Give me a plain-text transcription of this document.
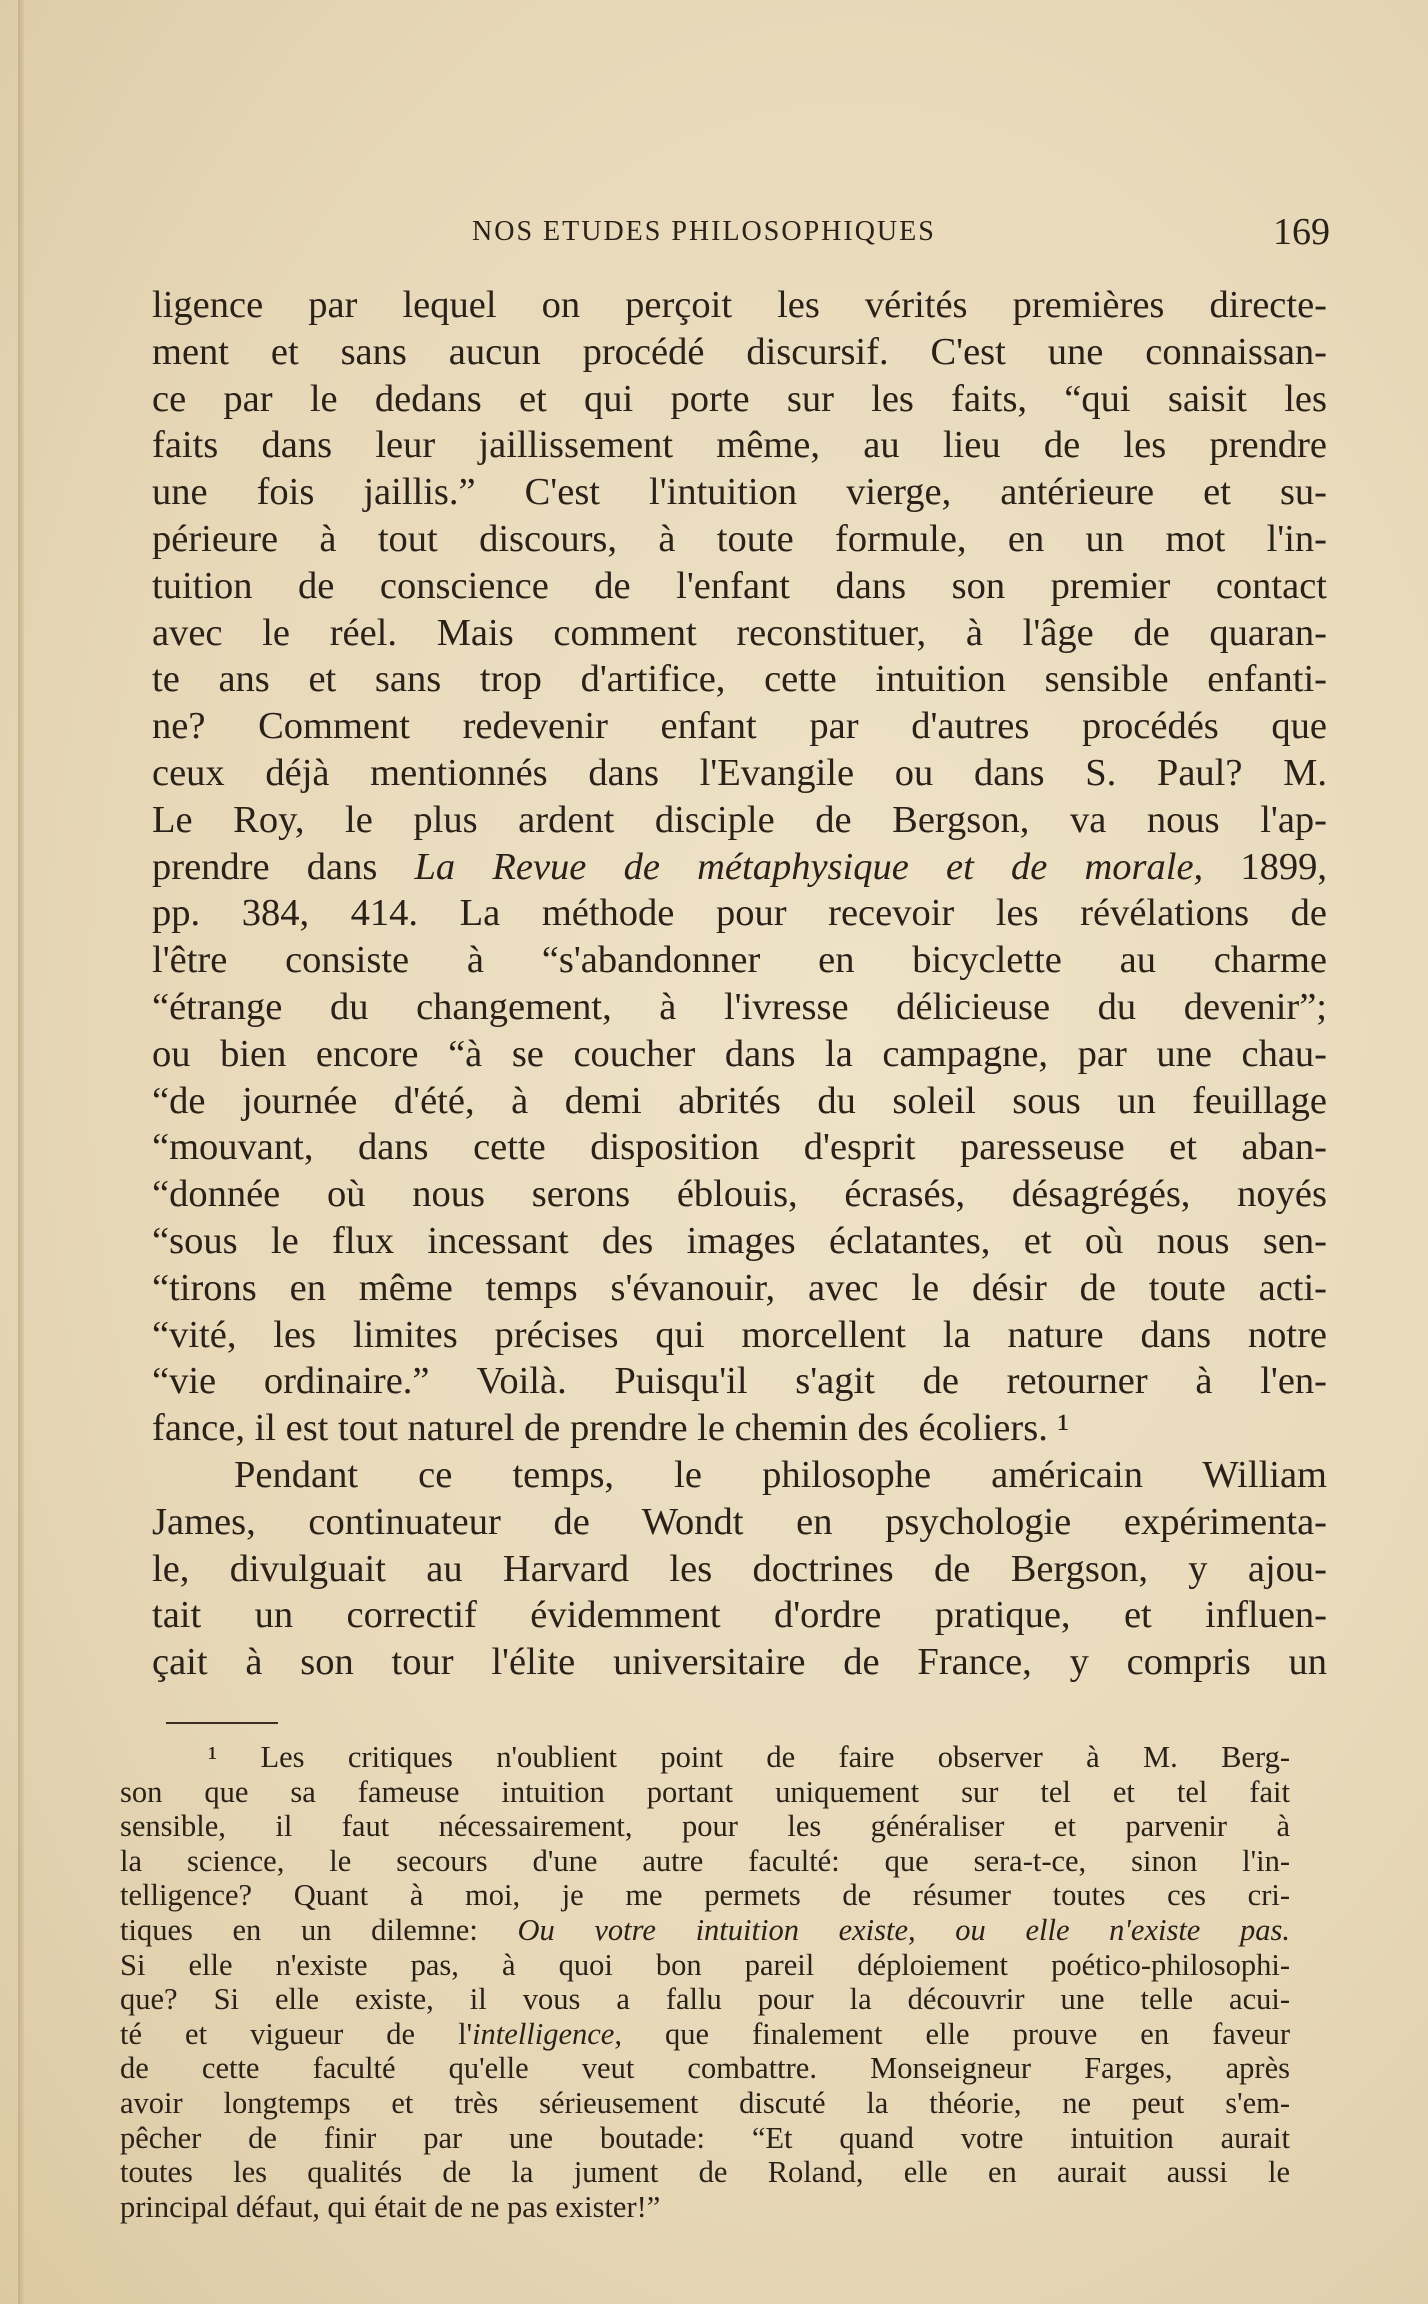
NOS ETUDES PHILOSOPHIQUES	169
ligence par lequel on perçoit les vérités premières directe-
ment et sans aucun procédé discursif. C'est une connaissan-
ce par le dedans et qui porte sur les faits, “qui saisit les
faits dans leur jaillissement même, au lieu de les prendre
une fois jaillis.” C'est l'intuition vierge, antérieure et su-
périeure à tout discours, à toute formule, en un mot l'in-
tuition de conscience de l'enfant dans son premier contact
avec le réel. Mais comment reconstituer, à l'âge de quaran-
te ans et sans trop d'artifice, cette intuition sensible enfanti-
ne? Comment redevenir enfant par d'autres procédés que
ceux déjà mentionnés dans l'Evangile ou dans S. Paul? M.
Le Roy, le plus ardent disciple de Bergson, va nous l'ap-
prendre dans La Revue de métaphysique et de morale, 1899,
pp. 384, 414. La méthode pour recevoir les révélations de
l'être consiste à “s'abandonner en bicyclette au charme
“étrange du changement, à l'ivresse délicieuse du devenir”;
ou bien encore “à se coucher dans la campagne, par une chau-
“de journée d'été, à demi abrités du soleil sous un feuillage
“mouvant, dans cette disposition d'esprit paresseuse et aban-
“donnée où nous serons éblouis, écrasés, désagrégés, noyés
“sous le flux incessant des images éclatantes, et où nous sen-
“tirons en même temps s'évanouir, avec le désir de toute acti-
“vité, les limites précises qui morcellent la nature dans notre
“vie ordinaire.” Voilà. Puisqu'il s'agit de retourner à l'en-
fance, il est tout naturel de prendre le chemin des écoliers. ¹
Pendant ce temps, le philosophe américain William
James, continuateur de Wondt en psychologie expérimenta-
le, divulguait au Harvard les doctrines de Bergson, y ajou-
tait un correctif évidemment d'ordre pratique, et influen-
çait à son tour l'élite universitaire de France, y compris un
¹ Les critiques n'oublient point de faire observer à M. Berg-
son que sa fameuse intuition portant uniquement sur tel et tel fait
sensible, il faut nécessairement, pour les généraliser et parvenir à
la science, le secours d'une autre faculté: que sera-t-ce, sinon l'in-
telligence? Quant à moi, je me permets de résumer toutes ces cri-
tiques en un dilemne: Ou votre intuition existe, ou elle n'existe pas.
Si elle n'existe pas, à quoi bon pareil déploiement poético-philosophi-
que? Si elle existe, il vous a fallu pour la découvrir une telle acui-
té et vigueur de l'intelligence, que finalement elle prouve en faveur
de cette faculté qu'elle veut combattre. Monseigneur Farges, après
avoir longtemps et très sérieusement discuté la théorie, ne peut s'em-
pêcher de finir par une boutade: “Et quand votre intuition aurait
toutes les qualités de la jument de Roland, elle en aurait aussi le
principal défaut, qui était de ne pas exister!”
